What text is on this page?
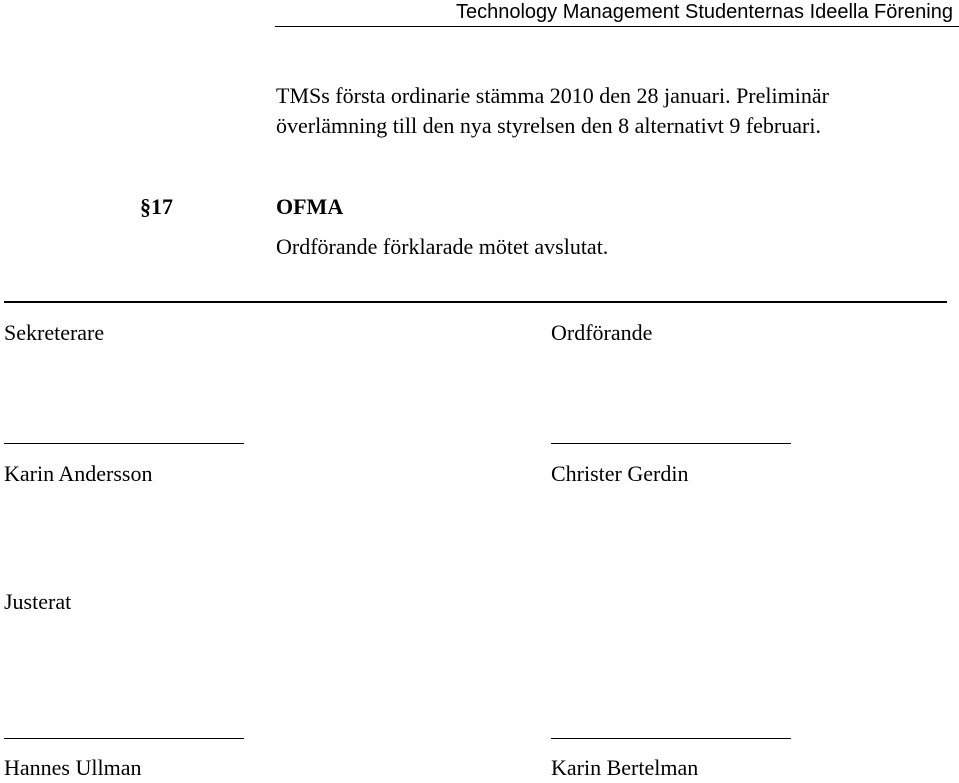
Technology Management Studenternas Ideella Förening
TMSs första ordinarie stämma 2010 den 28 januari. Preliminär
överlämning till den nya styrelsen den 8 alternativt 9 februari.
§17	OFMA
Ordförande förklarade mötet avslutat.
Sekreterare	Ordförande
Karin Andersson	Christer Gerdin
Justerat
Hannes Ullman	Karin Bertelman
